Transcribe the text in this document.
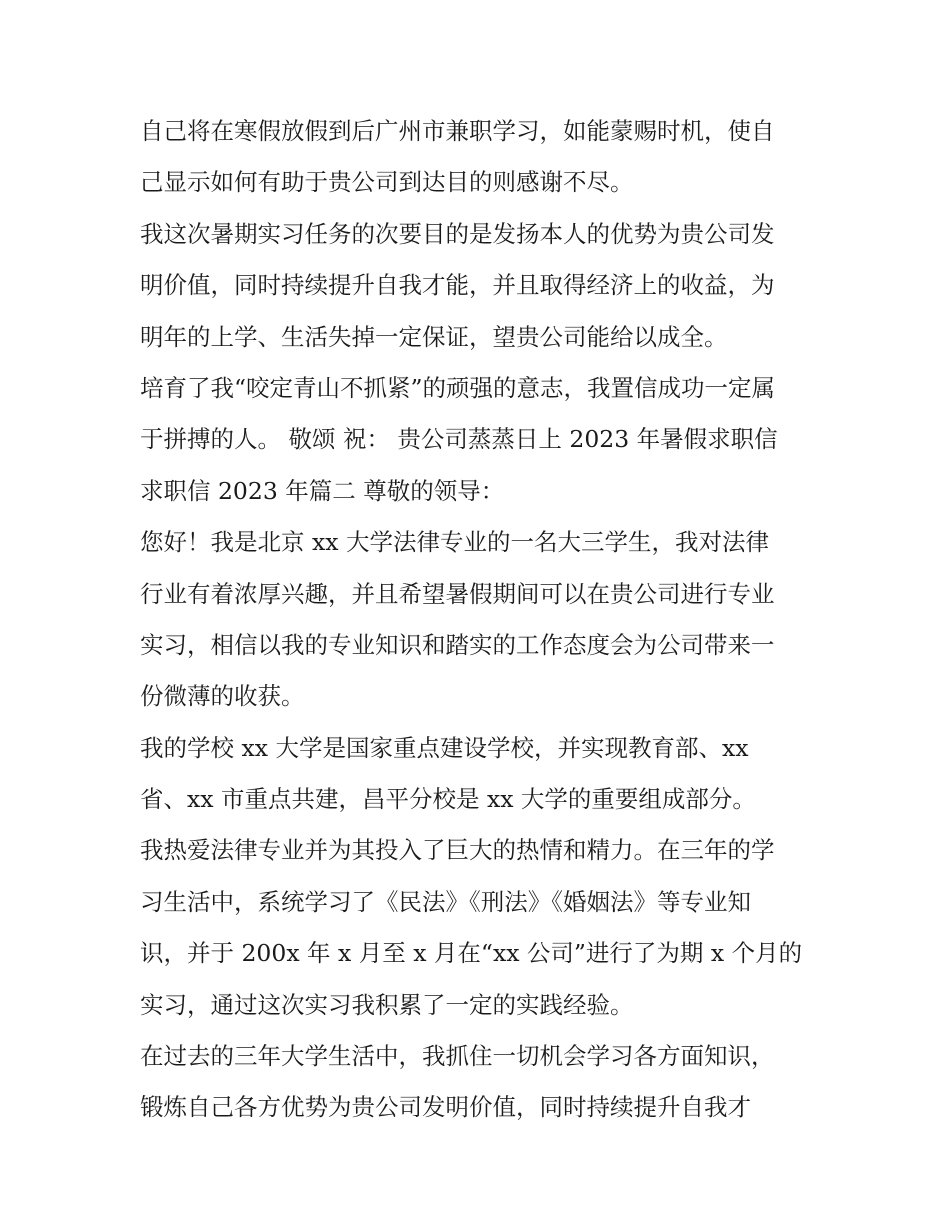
自己将在寒假放假到后广州市兼职学习，如能蒙赐时机，使自
己显示如何有助于贵公司到达目的则感谢不尽。
我这次暑期实习任务的次要目的是发扬本人的优势为贵公司发
明价值，同时持续提升自我才能，并且取得经济上的收益，为
明年的上学、生活失掉一定保证，望贵公司能给以成全。
培育了我“咬定青山不抓紧”的顽强的意志，我置信成功一定属
于拼搏的人。 敬颂 祝： 贵公司蒸蒸日上 2023 年暑假求职信
求职信 2023 年篇二 尊敬的领导：
您好！我是北京 xx 大学法律专业的一名大三学生，我对法律
行业有着浓厚兴趣，并且希望暑假期间可以在贵公司进行专业
实习，相信以我的专业知识和踏实的工作态度会为公司带来一
份微薄的收获。
我的学校 xx 大学是国家重点建设学校，并实现教育部、xx
省、xx 市重点共建，昌平分校是 xx 大学的重要组成部分。
我热爱法律专业并为其投入了巨大的热情和精力。在三年的学
习生活中，系统学习了《民法》《刑法》《婚姻法》等专业知
识，并于 200x 年 x 月至 x 月在“xx 公司”进行了为期 x 个月的
实习，通过这次实习我积累了一定的实践经验。
在过去的三年大学生活中，我抓住一切机会学习各方面知识，
锻炼自己各方优势为贵公司发明价值，同时持续提升自我才
